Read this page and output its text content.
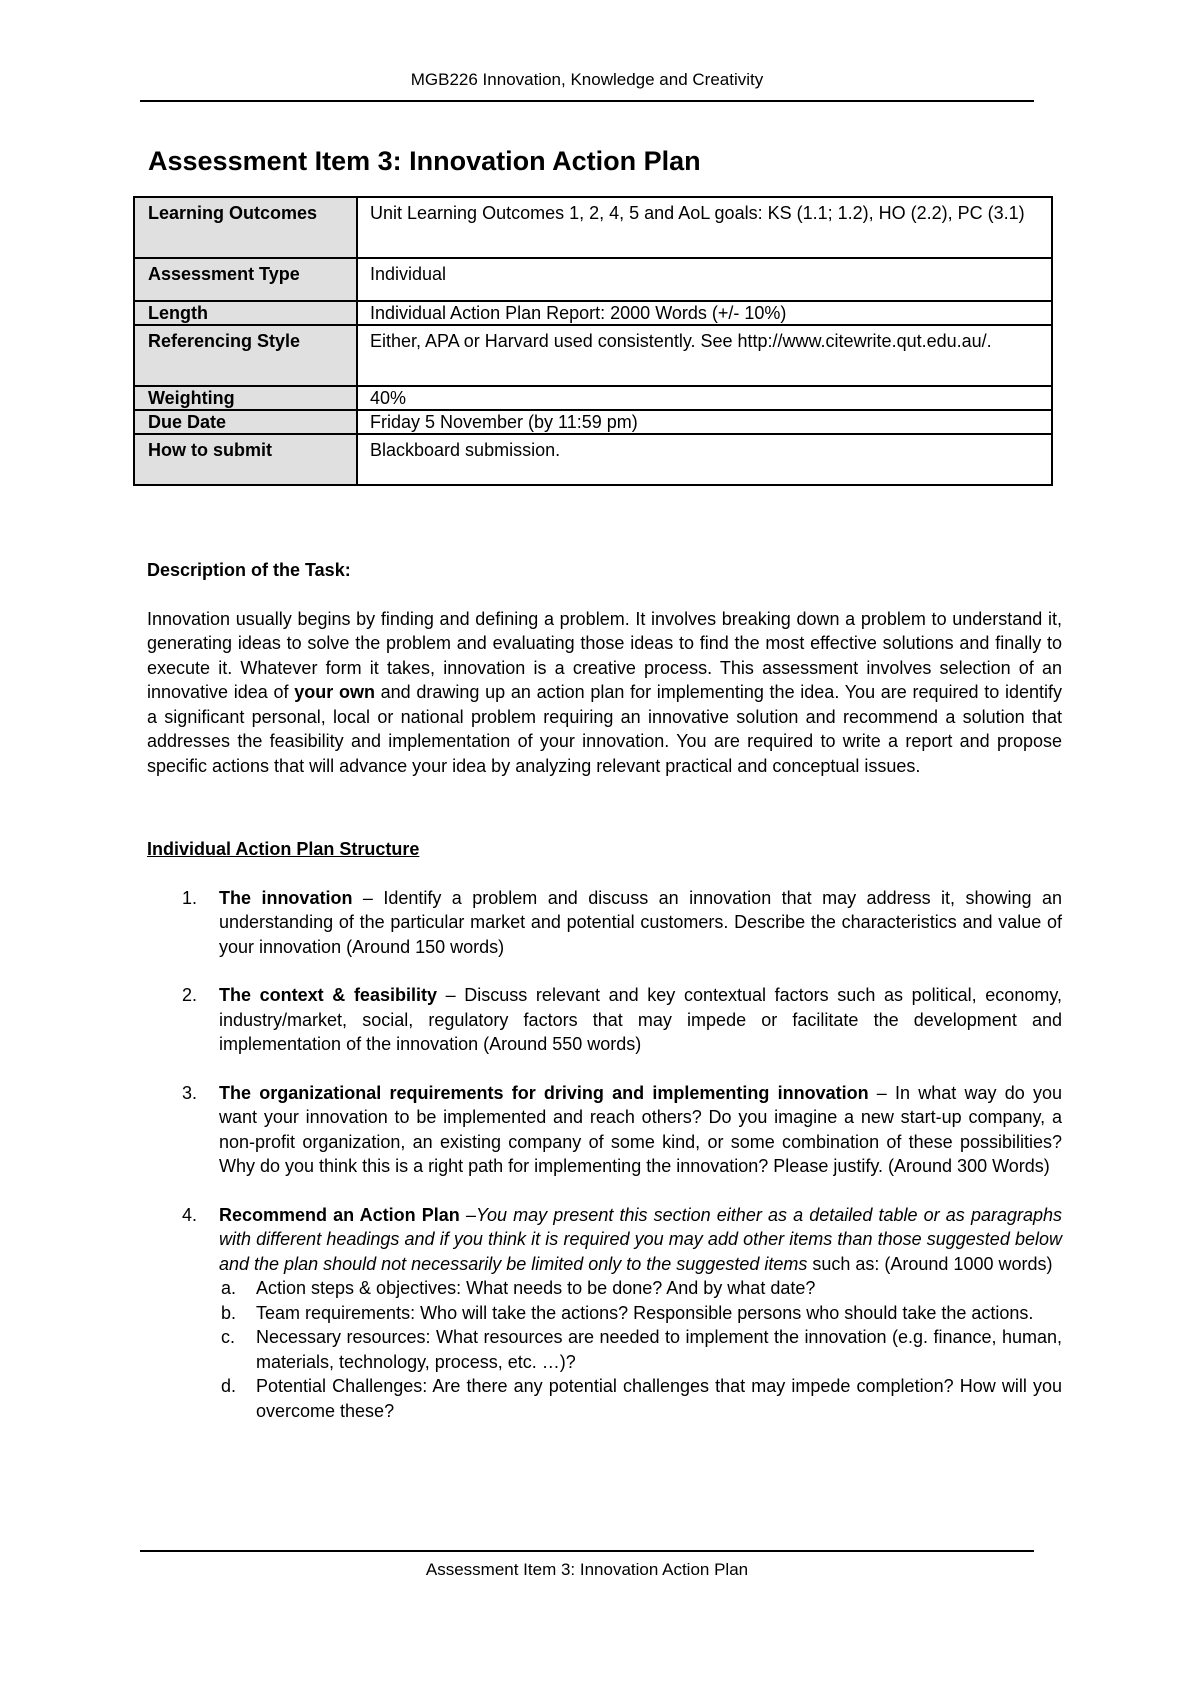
MGB226 Innovation, Knowledge and Creativity
Assessment Item 3: Innovation Action Plan
Learning Outcomes	Unit Learning Outcomes 1, 2, 4, 5 and AoL goals: KS (1.1; 1.2), HO (2.2), PC (3.1)
Assessment Type	Individual
Length	Individual Action Plan Report: 2000 Words (+/- 10%)
Referencing Style	Either, APA or Harvard used consistently. See http://www.citewrite.qut.edu.au/.
Weighting	40%
Due Date	Friday 5 November (by 11:59 pm)
How to submit	Blackboard submission.

Description of the Task:

Innovation usually begins by finding and defining a problem. It involves breaking down a problem to understand it, generating ideas to solve the problem and evaluating those ideas to find the most effective solutions and finally to execute it. Whatever form it takes, innovation is a creative process. This assessment involves selection of an innovative idea of your own and drawing up an action plan for implementing the idea. You are required to identify a significant personal, local or national problem requiring an innovative solution and recommend a solution that addresses the feasibility and implementation of your innovation. You are required to write a report and propose specific actions that will advance your idea by analyzing relevant practical and conceptual issues.

Individual Action Plan Structure

1. The innovation – Identify a problem and discuss an innovation that may address it, showing an understanding of the particular market and potential customers. Describe the characteristics and value of your innovation (Around 150 words)
2. The context & feasibility – Discuss relevant and key contextual factors such as political, economy, industry/market, social, regulatory factors that may impede or facilitate the development and implementation of the innovation (Around 550 words)
3. The organizational requirements for driving and implementing innovation – In what way do you want your innovation to be implemented and reach others? Do you imagine a new start-up company, a non-profit organization, an existing company of some kind, or some combination of these possibilities? Why do you think this is a right path for implementing the innovation? Please justify. (Around 300 Words)
4. Recommend an Action Plan –You may present this section either as a detailed table or as paragraphs with different headings and if you think it is required you may add other items than those suggested below and the plan should not necessarily be limited only to the suggested items such as: (Around 1000 words)
a. Action steps & objectives: What needs to be done? And by what date?
b. Team requirements: Who will take the actions? Responsible persons who should take the actions.
c. Necessary resources: What resources are needed to implement the innovation (e.g. finance, human, materials, technology, process, etc. …)?
d. Potential Challenges: Are there any potential challenges that may impede completion? How will you overcome these?
Assessment Item 3: Innovation Action Plan
